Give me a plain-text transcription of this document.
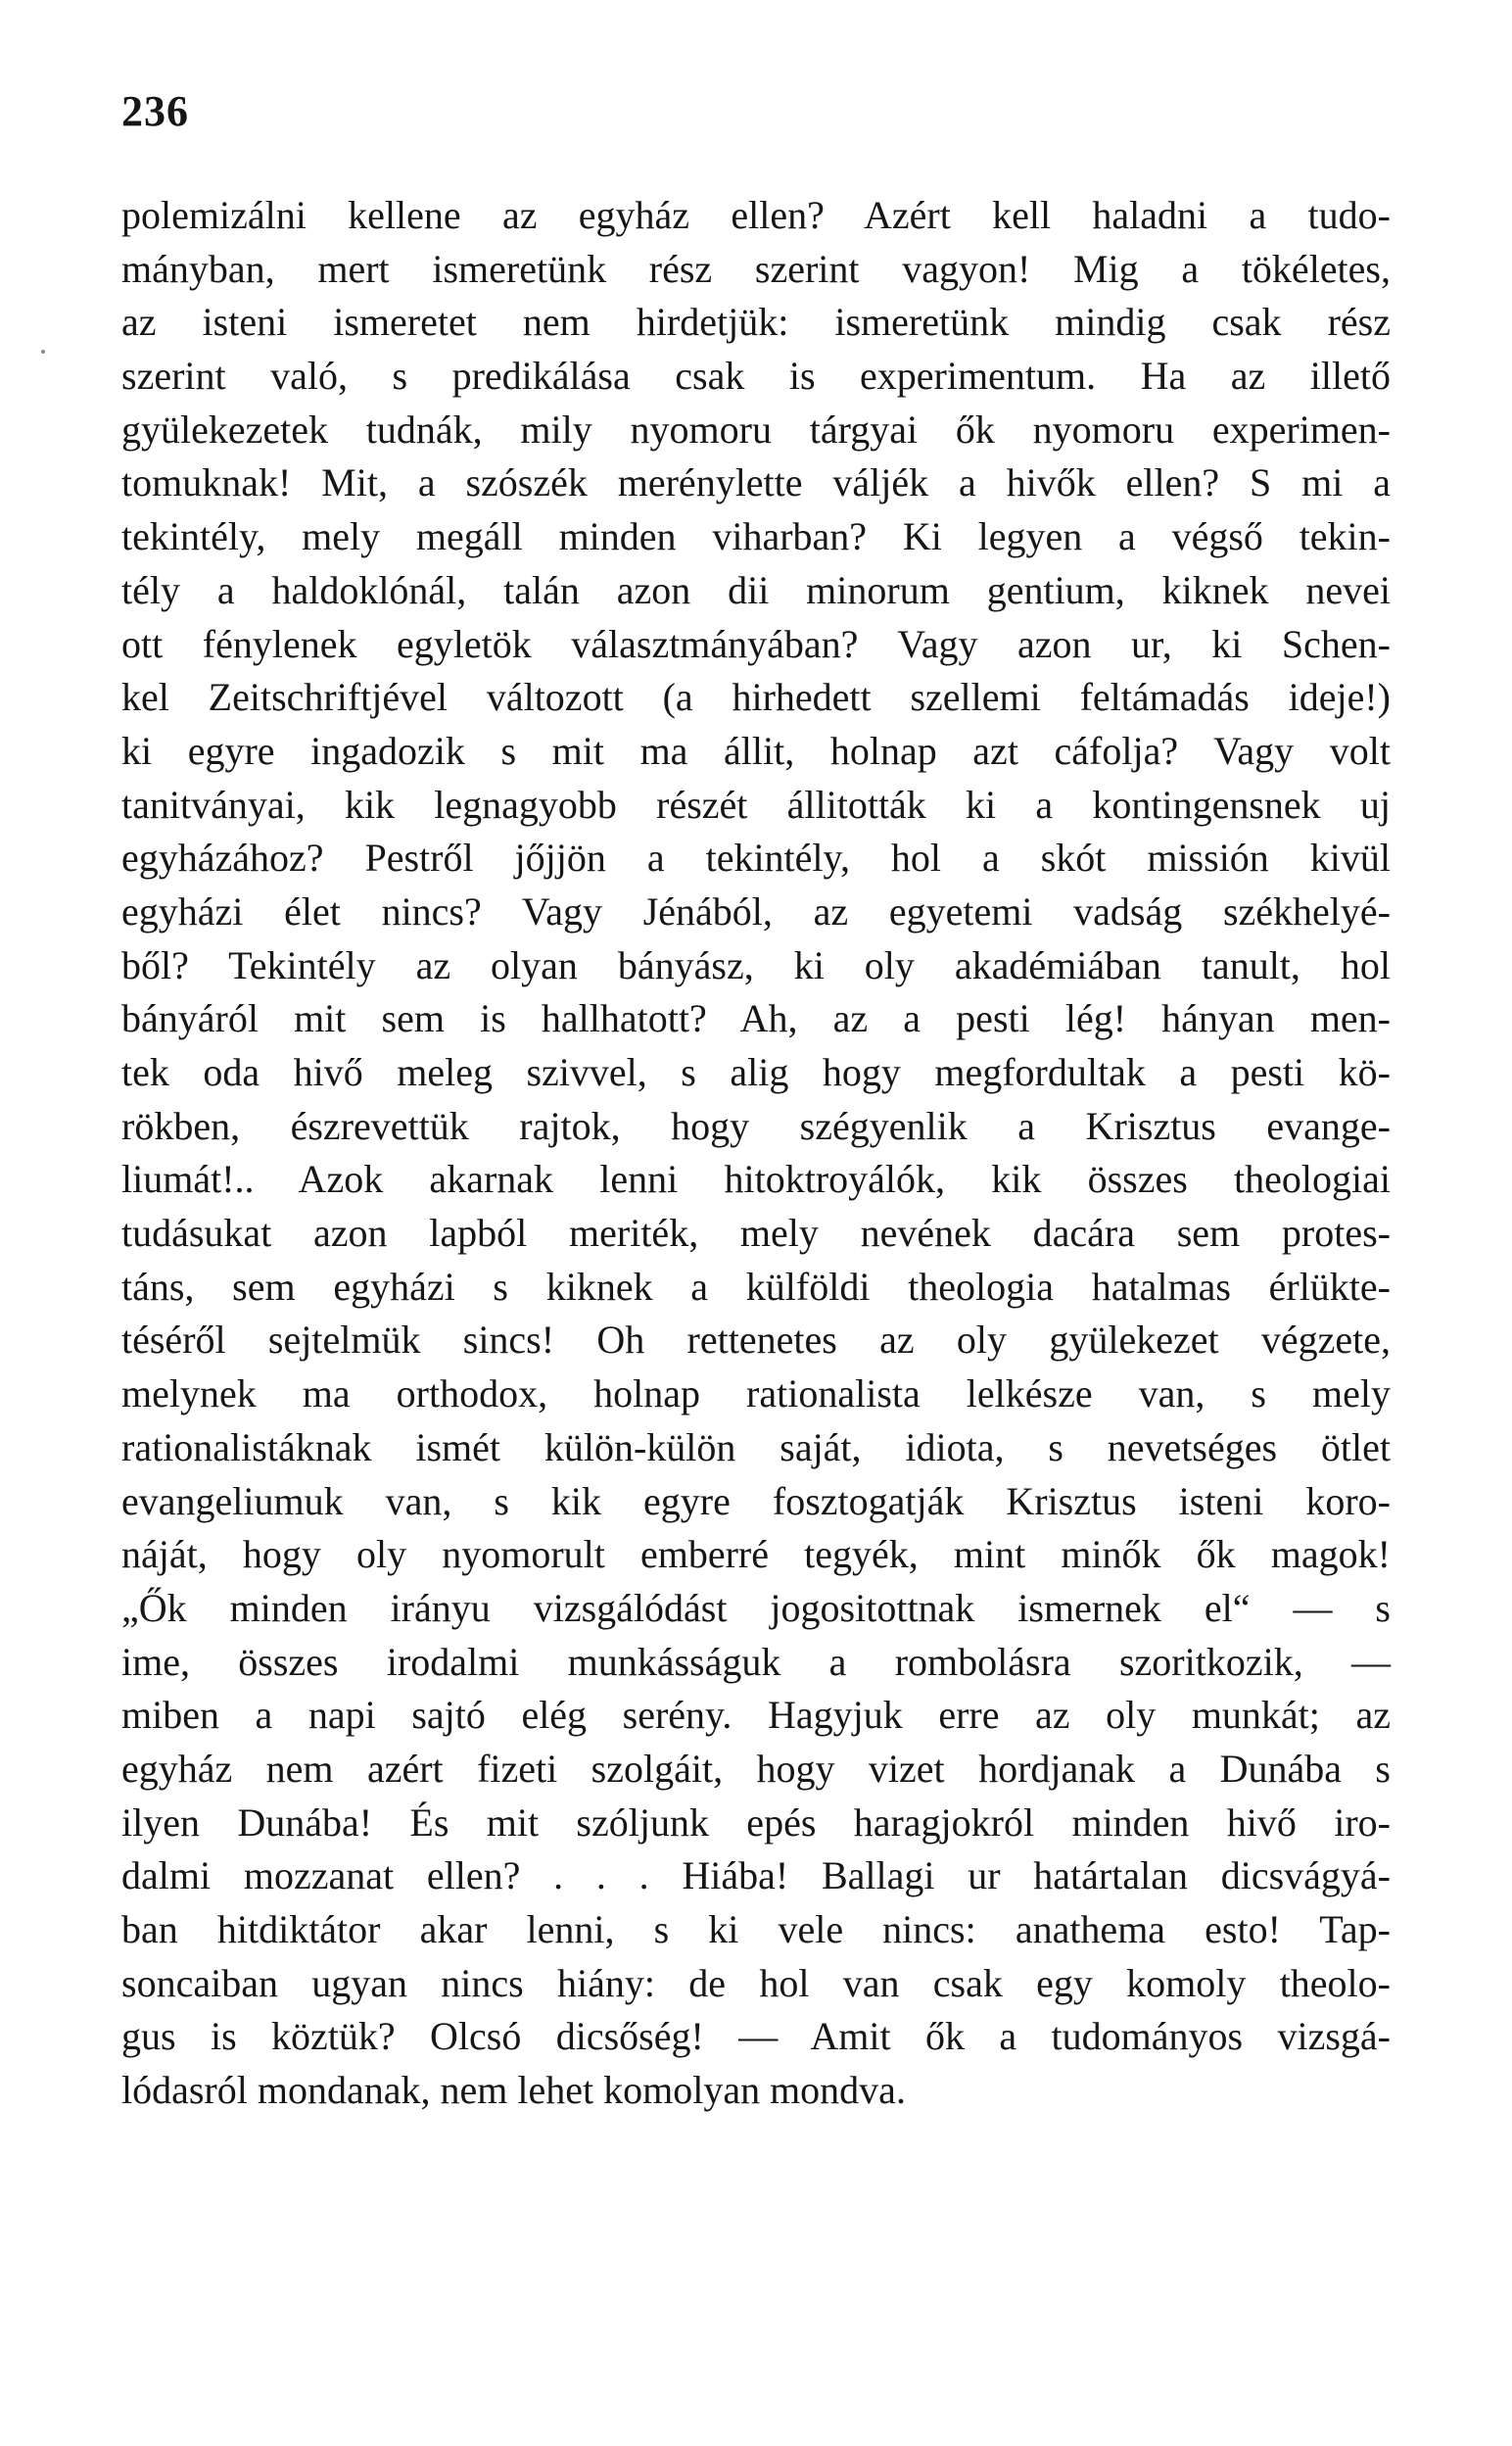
236
polemizálni kellene az egyház ellen? Azért kell haladni a tudo-
mányban, mert ismeretünk rész szerint vagyon! Mig a tökéletes,
az isteni ismeretet nem hirdetjük: ismeretünk mindig csak rész
szerint való, s predikálása csak is experimentum. Ha az illető
gyülekezetek tudnák, mily nyomoru tárgyai ők nyomoru experimen-
tomuknak! Mit, a szószék merénylette váljék a hivők ellen? S mi a
tekintély, mely megáll minden viharban? Ki legyen a végső tekin-
tély a haldoklónál, talán azon dii minorum gentium, kiknek nevei
ott fénylenek egyletök választmányában? Vagy azon ur, ki Schen-
kel Zeitschriftjével változott (a hirhedett szellemi feltámadás ideje!)
ki egyre ingadozik s mit ma állit, holnap azt cáfolja? Vagy volt
tanitványai, kik legnagyobb részét állitották ki a kontingensnek uj
egyházához? Pestről jőjjön a tekintély, hol a skót missión kivül
egyházi élet nincs? Vagy Jénából, az egyetemi vadság székhelyé-
ből? Tekintély az olyan bányász, ki oly akadémiában tanult, hol
bányáról mit sem is hallhatott? Ah, az a pesti lég! hányan men-
tek oda hivő meleg szivvel, s alig hogy megfordultak a pesti kö-
rökben, észrevettük rajtok, hogy szégyenlik a Krisztus evange-
liumát!.. Azok akarnak lenni hitoktroyálók, kik összes theologiai
tudásukat azon lapból meriték, mely nevének dacára sem protes-
táns, sem egyházi s kiknek a külföldi theologia hatalmas érlükte-
téséről sejtelmük sincs! Oh rettenetes az oly gyülekezet végzete,
melynek ma orthodox, holnap rationalista lelkésze van, s mely
rationalistáknak ismét külön-külön saját, idiota, s nevetséges ötlet
evangeliumuk van, s kik egyre fosztogatják Krisztus isteni koro-
náját, hogy oly nyomorult emberré tegyék, mint minők ők magok!
„Ők minden irányu vizsgálódást jogositottnak ismernek el“ — s
ime, összes irodalmi munkásságuk a rombolásra szoritkozik, —
miben a napi sajtó elég serény. Hagyjuk erre az oly munkát; az
egyház nem azért fizeti szolgáit, hogy vizet hordjanak a Dunába s
ilyen Dunába! És mit szóljunk epés haragjokról minden hivő iro-
dalmi mozzanat ellen? . . . Hiába! Ballagi ur határtalan dicsvágyá-
ban hitdiktátor akar lenni, s ki vele nincs: anathema esto! Tap-
soncaiban ugyan nincs hiány: de hol van csak egy komoly theolo-
gus is köztük? Olcsó dicsőség! — Amit ők a tudományos vizsgá-
lódasról mondanak, nem lehet komolyan mondva.
